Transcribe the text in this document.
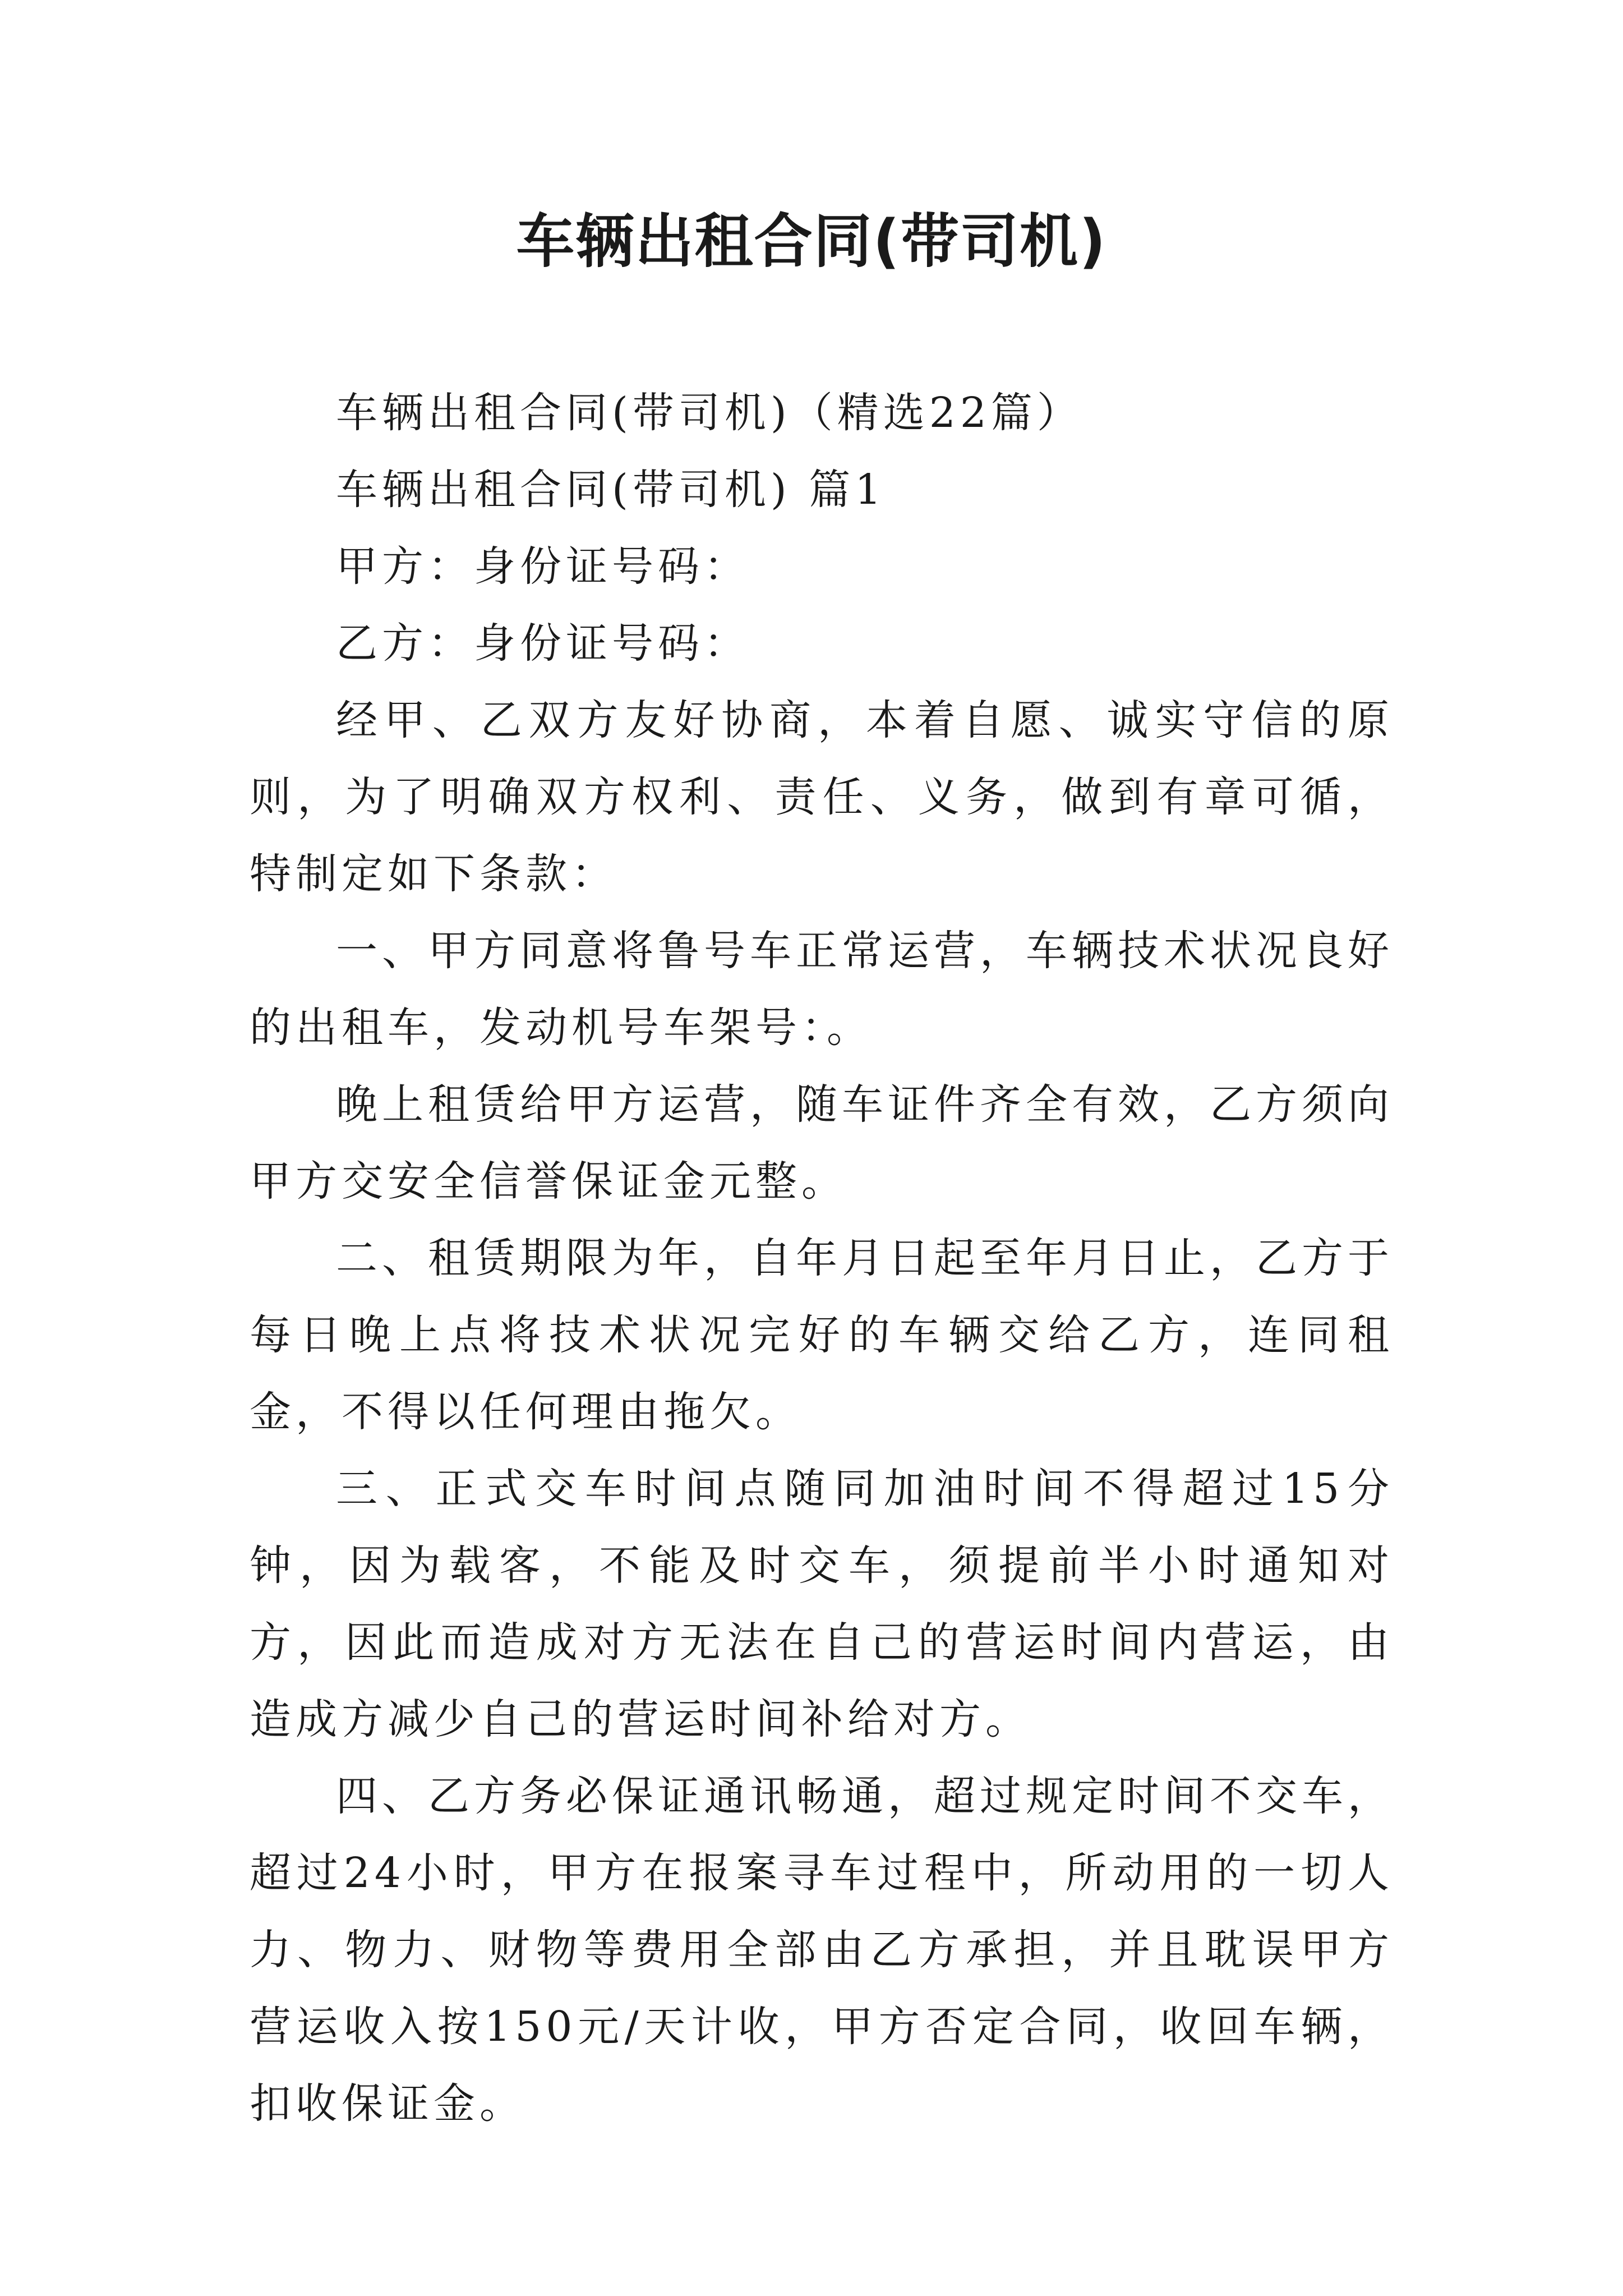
车辆出租合同(带司机)

车辆出租合同(带司机)（精选22篇）

车辆出租合同(带司机) 篇1

甲方：身份证号码：

乙方：身份证号码：

经甲、乙双方友好协商，本着自愿、诚实守信的原则，为了明确双方权利、责任、义务，做到有章可循，特制定如下条款：

一、甲方同意将鲁号车正常运营，车辆技术状况良好的出租车，发动机号车架号：。

晚上租赁给甲方运营，随车证件齐全有效，乙方须向甲方交安全信誉保证金元整。

二、租赁期限为年，自年月日起至年月日止，乙方于每日晚上点将技术状况完好的车辆交给乙方，连同租金，不得以任何理由拖欠。

三、正式交车时间点随同加油时间不得超过15分钟，因为载客，不能及时交车，须提前半小时通知对方，因此而造成对方无法在自己的营运时间内营运，由造成方减少自己的营运时间补给对方。

四、乙方务必保证通讯畅通，超过规定时间不交车，超过24小时，甲方在报案寻车过程中，所动用的一切人力、物力、财物等费用全部由乙方承担，并且耽误甲方营运收入按150元/天计收，甲方否定合同，收回车辆，扣收保证金。
